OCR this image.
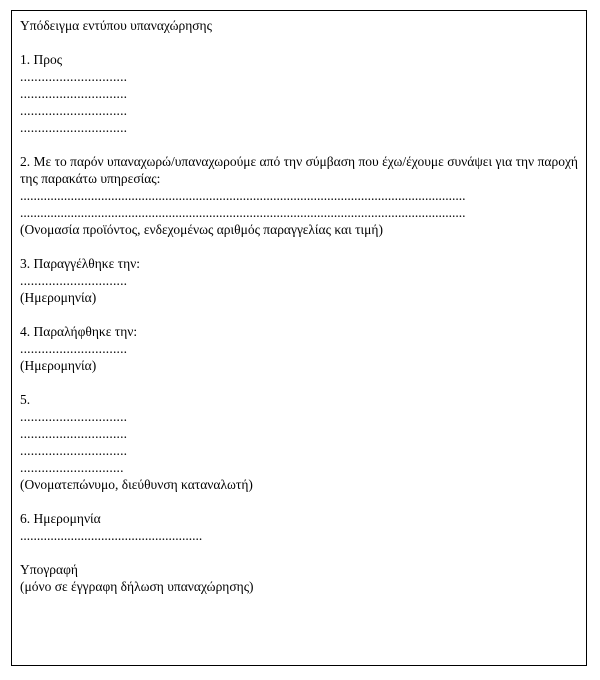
Υπόδειγμα εντύπου υπαναχώρησης
1. Προς
..............................
..............................
..............................
..............................
2. Με το παρόν υπαναχωρώ/υπαναχωρούμε από την σύμβαση που έχω/έχουμε συνάψει για την παροχή της παρακάτω υπηρεσίας:
....................................................................................................................................
....................................................................................................................................
(Ονομασία προϊόντος, ενδεχομένως αριθμός παραγγελίας και τιμή)
3. Παραγγέλθηκε την:
..............................
(Ημερομηνία)
4. Παραλήφθηκε την:
..............................
(Ημερομηνία)
5.
..............................
..............................
..............................
.............................
(Ονοματεπώνυμο, διεύθυνση καταναλωτή)
6. Ημερομηνία
......................................................
Υπογραφή
(μόνο σε έγγραφη δήλωση υπαναχώρησης)
